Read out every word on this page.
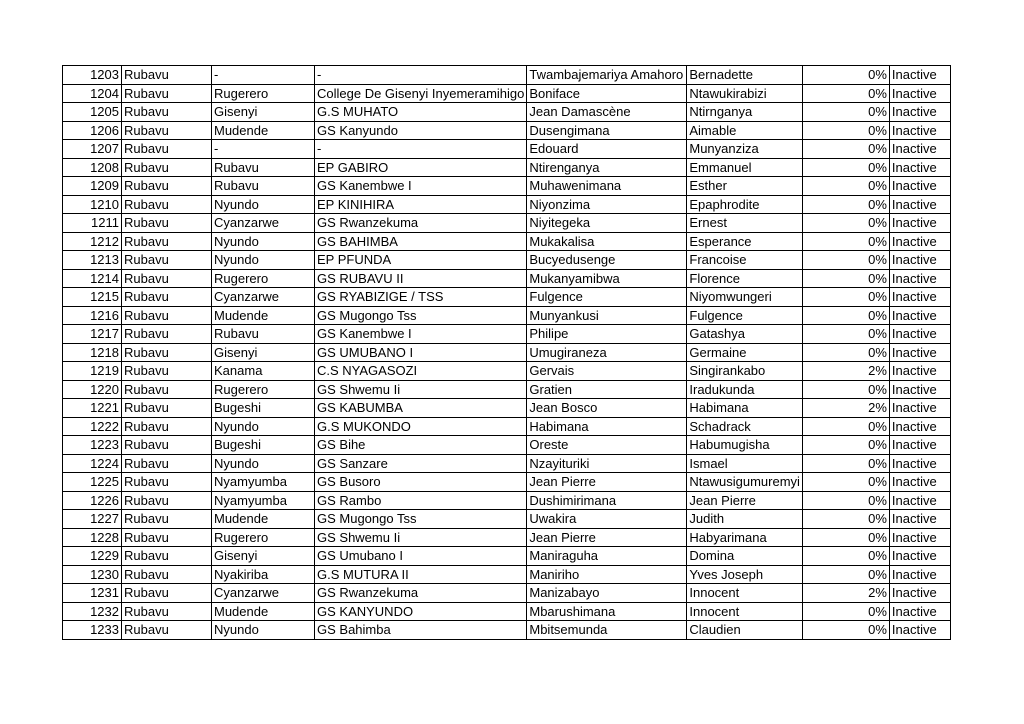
1203	Rubavu	-	-	Twambajemariya Amahoro	Bernadette	0%	Inactive
1204	Rubavu	Rugerero	College De Gisenyi Inyemeramihigo	Boniface	Ntawukirabizi	0%	Inactive
1205	Rubavu	Gisenyi	G.S MUHATO	Jean Damascène	Ntirnganya	0%	Inactive
1206	Rubavu	Mudende	GS Kanyundo	Dusengimana	Aimable	0%	Inactive
1207	Rubavu	-	-	Edouard	Munyanziza	0%	Inactive
1208	Rubavu	Rubavu	EP GABIRO	Ntirenganya	Emmanuel	0%	Inactive
1209	Rubavu	Rubavu	GS Kanembwe I	Muhawenimana	Esther	0%	Inactive
1210	Rubavu	Nyundo	EP KINIHIRA	Niyonzima	Epaphrodite	0%	Inactive
1211	Rubavu	Cyanzarwe	GS Rwanzekuma	Niyitegeka	Ernest	0%	Inactive
1212	Rubavu	Nyundo	GS BAHIMBA	Mukakalisa	Esperance	0%	Inactive
1213	Rubavu	Nyundo	EP PFUNDA	Bucyedusenge	Francoise	0%	Inactive
1214	Rubavu	Rugerero	GS RUBAVU II	Mukanyamibwa	Florence	0%	Inactive
1215	Rubavu	Cyanzarwe	GS RYABIZIGE / TSS	Fulgence	Niyomwungeri	0%	Inactive
1216	Rubavu	Mudende	GS Mugongo Tss	Munyankusi	Fulgence	0%	Inactive
1217	Rubavu	Rubavu	GS Kanembwe I	Philipe	Gatashya	0%	Inactive
1218	Rubavu	Gisenyi	GS UMUBANO I	Umugiraneza	Germaine	0%	Inactive
1219	Rubavu	Kanama	C.S NYAGASOZI	Gervais	Singirankabo	2%	Inactive
1220	Rubavu	Rugerero	GS Shwemu Ii	Gratien	Iradukunda	0%	Inactive
1221	Rubavu	Bugeshi	GS KABUMBA	Jean Bosco	Habimana	2%	Inactive
1222	Rubavu	Nyundo	G.S MUKONDO	Habimana	Schadrack	0%	Inactive
1223	Rubavu	Bugeshi	GS Bihe	Oreste	Habumugisha	0%	Inactive
1224	Rubavu	Nyundo	GS Sanzare	Nzayituriki	Ismael	0%	Inactive
1225	Rubavu	Nyamyumba	GS Busoro	Jean Pierre	Ntawusigumuremyi	0%	Inactive
1226	Rubavu	Nyamyumba	GS Rambo	Dushimirimana	Jean Pierre	0%	Inactive
1227	Rubavu	Mudende	GS Mugongo Tss	Uwakira	Judith	0%	Inactive
1228	Rubavu	Rugerero	GS Shwemu Ii	Jean Pierre	Habyarimana	0%	Inactive
1229	Rubavu	Gisenyi	GS Umubano I	Maniraguha	Domina	0%	Inactive
1230	Rubavu	Nyakiriba	G.S MUTURA II	Maniriho	Yves Joseph	0%	Inactive
1231	Rubavu	Cyanzarwe	GS Rwanzekuma	Manizabayo	Innocent	2%	Inactive
1232	Rubavu	Mudende	GS KANYUNDO	Mbarushimana	Innocent	0%	Inactive
1233	Rubavu	Nyundo	GS Bahimba	Mbitsemunda	Claudien	0%	Inactive
